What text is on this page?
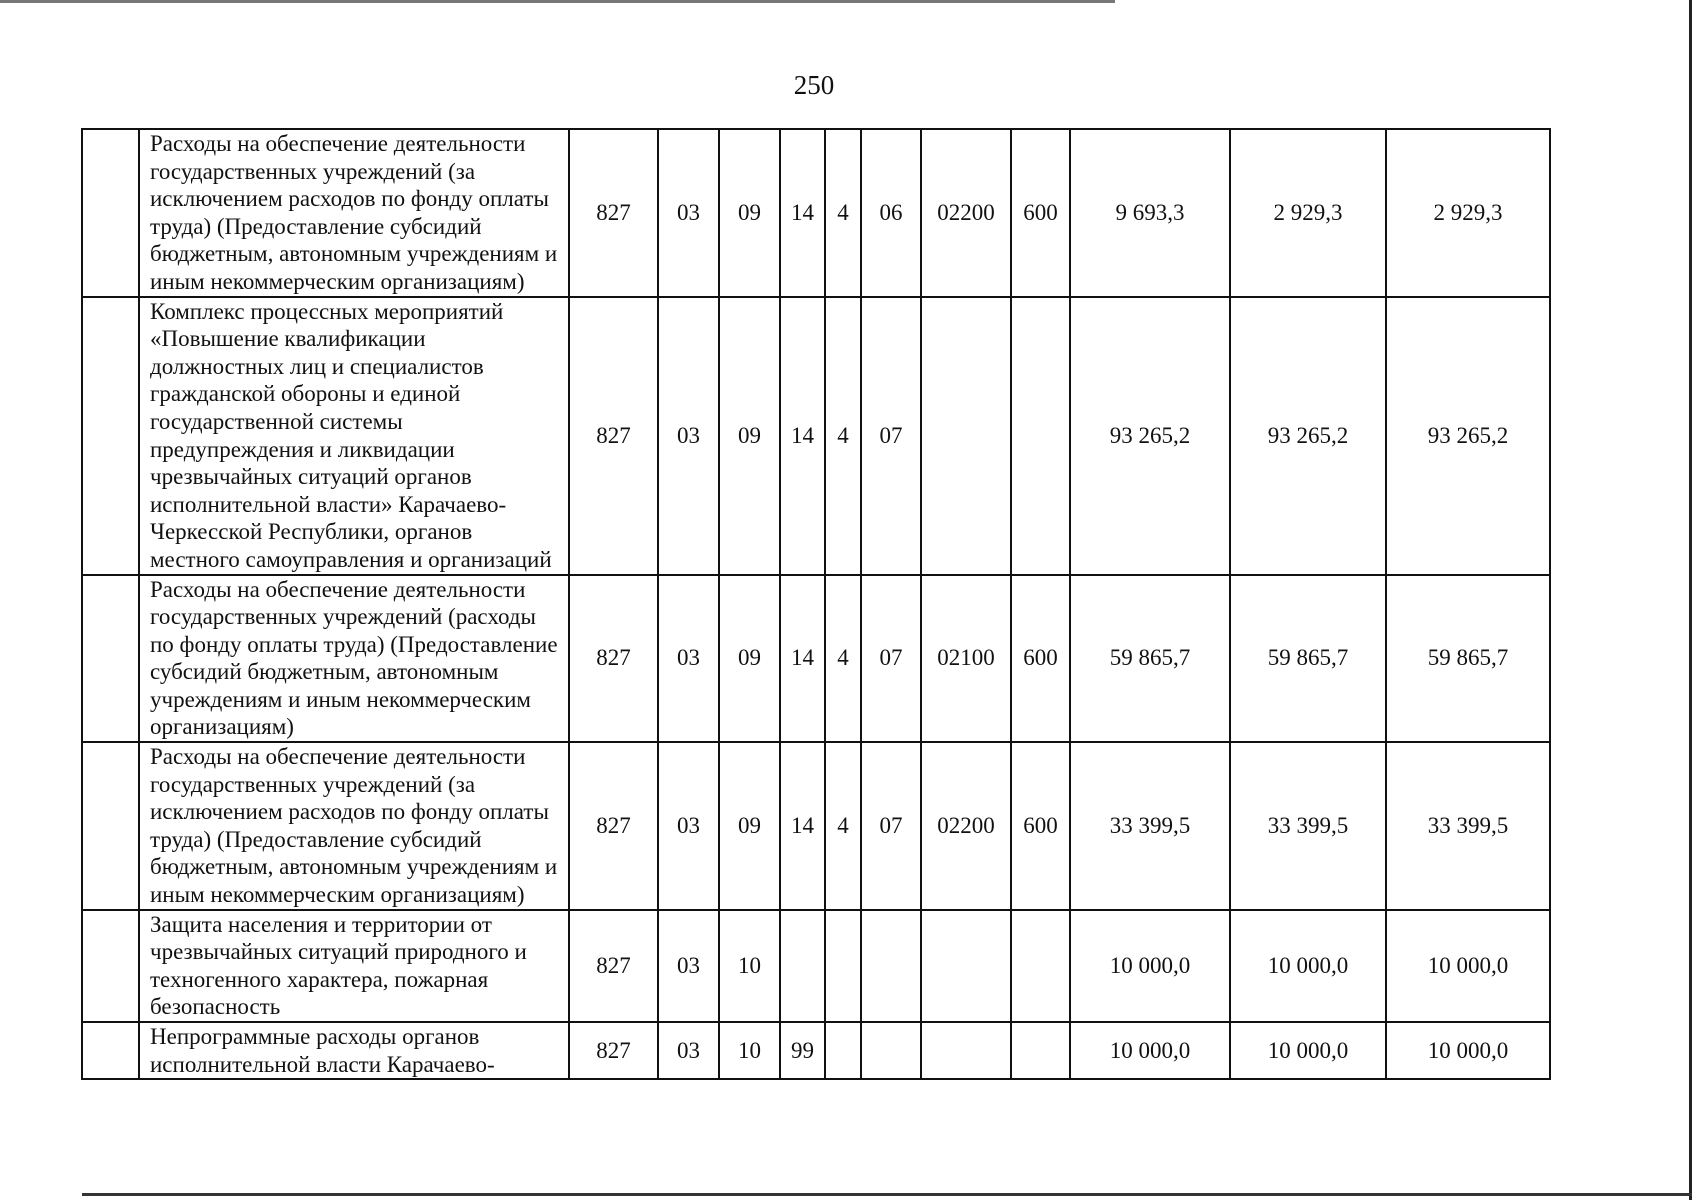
250
	Расходы на обеспечение деятельности государственных учреждений (за исключением расходов по фонду оплаты труда) (Предоставление субсидий бюджетным, автономным учреждениям и иным некоммерческим организациям)	827	03	09	14	4	06	02200	600	9 693,3	2 929,3	2 929,3
	Комплекс процессных мероприятий «Повышение квалификации должностных лиц и специалистов гражданской обороны и единой государственной системы предупреждения и ликвидации чрезвычайных ситуаций органов исполнительной власти» Карачаево-Черкесской Республики, органов местного самоуправления и организаций	827	03	09	14	4	07			93 265,2	93 265,2	93 265,2
	Расходы на обеспечение деятельности государственных учреждений (расходы по фонду оплаты труда) (Предоставление субсидий бюджетным, автономным учреждениям и иным некоммерческим организациям)	827	03	09	14	4	07	02100	600	59 865,7	59 865,7	59 865,7
	Расходы на обеспечение деятельности государственных учреждений (за исключением расходов по фонду оплаты труда) (Предоставление субсидий бюджетным, автономным учреждениям и иным некоммерческим организациям)	827	03	09	14	4	07	02200	600	33 399,5	33 399,5	33 399,5
	Защита населения и территории от чрезвычайных ситуаций природного и техногенного характера, пожарная безопасность	827	03	10						10 000,0	10 000,0	10 000,0
	Непрограммные расходы органов исполнительной власти Карачаево-	827	03	10	99					10 000,0	10 000,0	10 000,0
